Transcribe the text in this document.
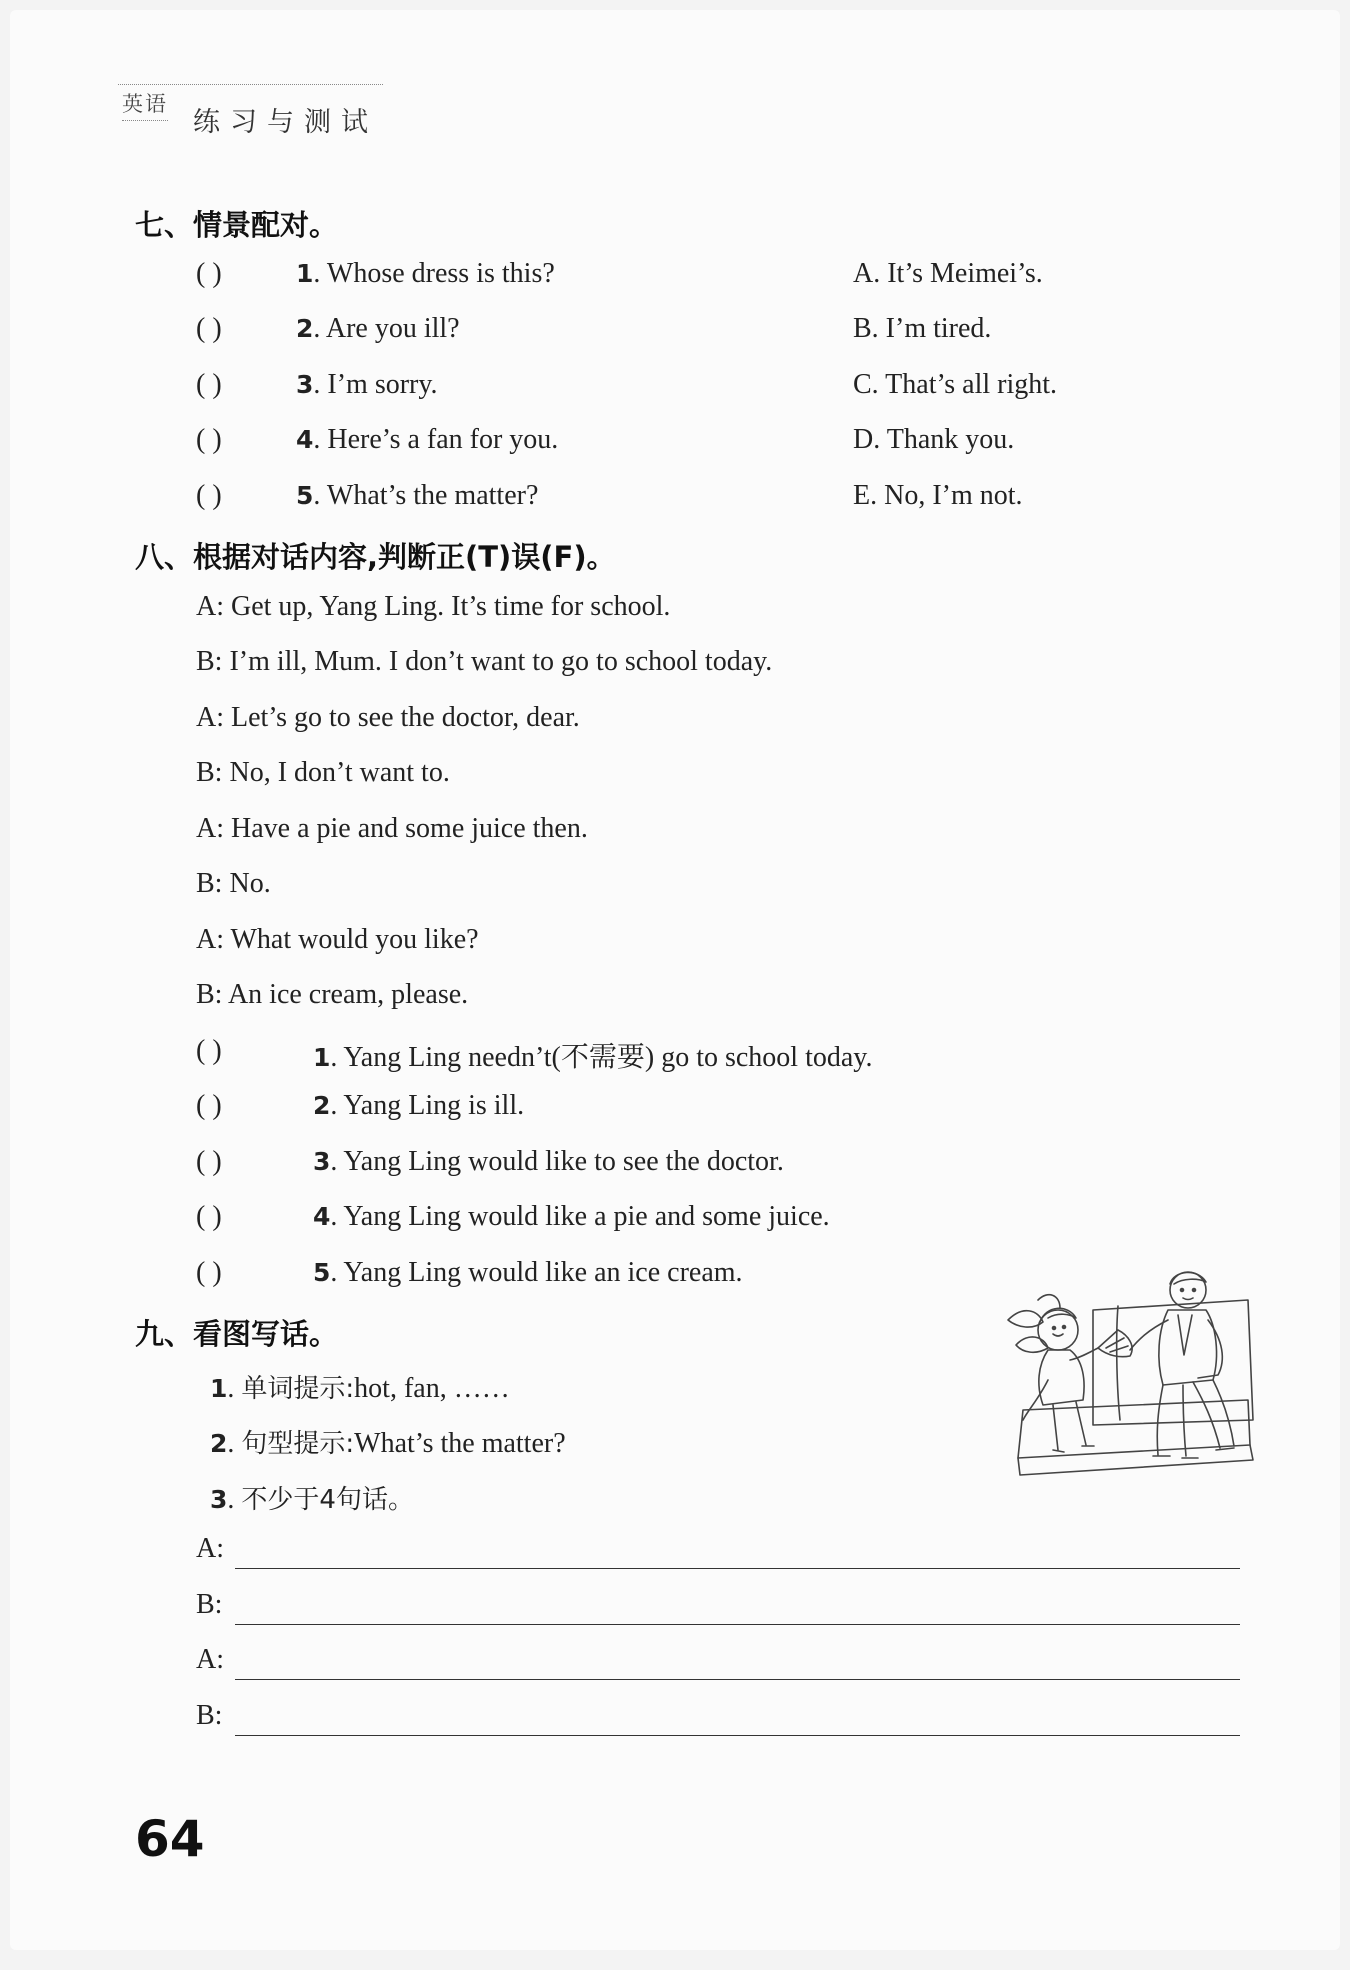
英语
练习与测试
七、情景配对。
( )	1. Whose dress is this?	A. It’s Meimei’s.
( )	2. Are you ill?	B. I’m tired.
( )	3. I’m sorry.	C. That’s all right.
( )	4. Here’s a fan for you.	D. Thank you.
( )	5. What’s the matter?	E. No, I’m not.
八、根据对话内容,判断正(T)误(F)。
A: Get up, Yang Ling. It’s time for school.
B: I’m ill, Mum. I don’t want to go to school today.
A: Let’s go to see the doctor, dear.
B: No, I don’t want to.
A: Have a pie and some juice then.
B: No.
A: What would you like?
B: An ice cream, please.
( )	1. Yang Ling needn’t(不需要) go to school today.
( )	2. Yang Ling is ill.
( )	3. Yang Ling would like to see the doctor.
( )	4. Yang Ling would like a pie and some juice.
( )	5. Yang Ling would like an ice cream.
九、看图写话。
1. 单词提示:hot, fan, ……
2. 句型提示:What’s the matter?
3. 不少于4句话。
A:
B:
A:
B:
64
